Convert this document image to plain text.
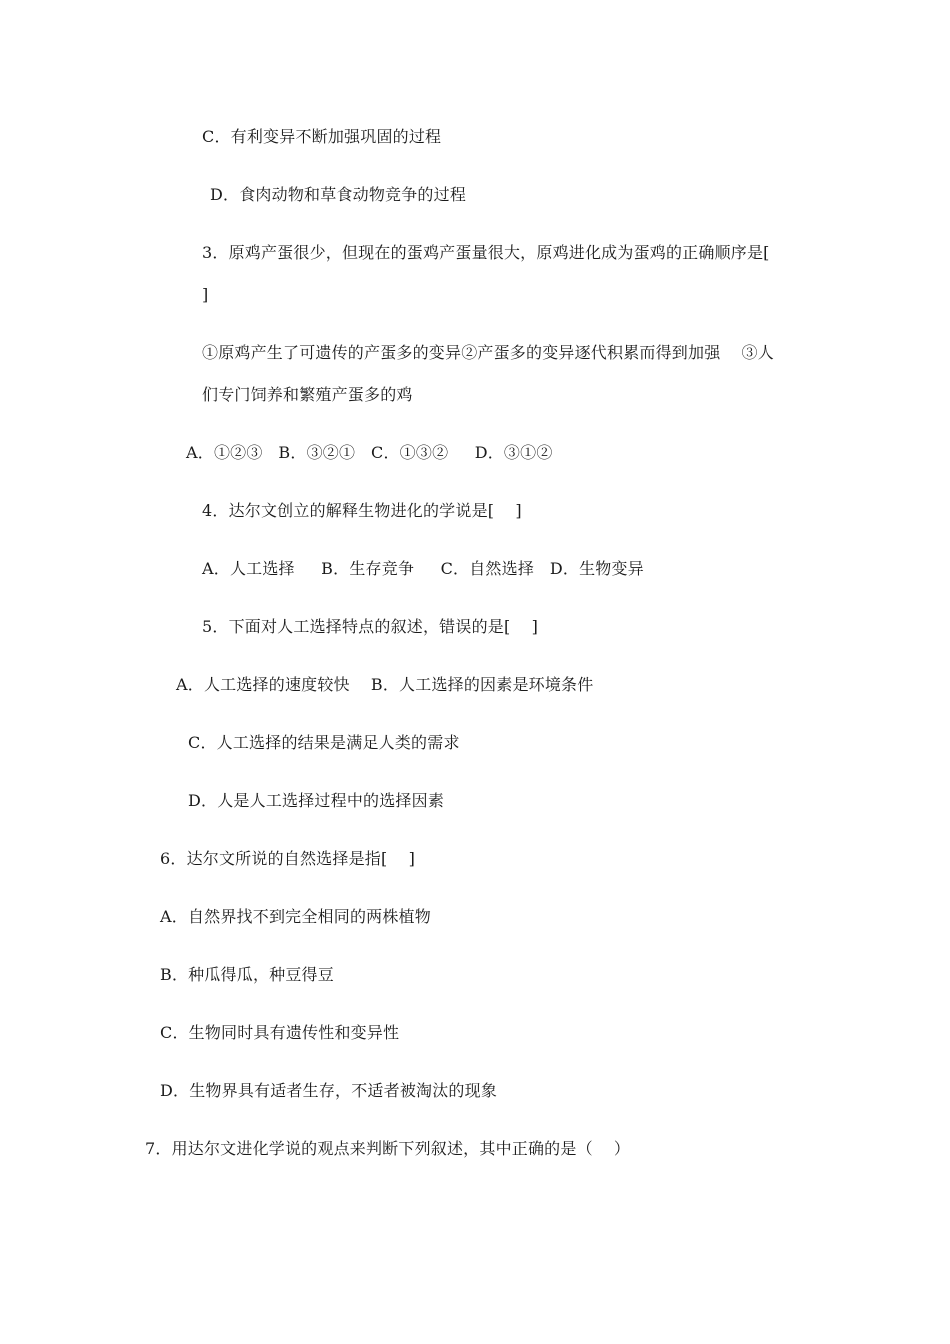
C．有利变异不断加强巩固的过程
D．食肉动物和草食动物竞争的过程
3．原鸡产蛋很少，但现在的蛋鸡产蛋量很大，原鸡进化成为蛋鸡的正确顺序是[
]
①原鸡产生了可遗传的产蛋多的变异②产蛋多的变异逐代积累而得到加强    ③人
们专门饲养和繁殖产蛋多的鸡
A．①②③   B．③②①   C．①③②     D．③①②
4．达尔文创立的解释生物进化的学说是[    ]
A．人工选择     B．生存竞争     C．自然选择   D．生物变异
5．下面对人工选择特点的叙述，错误的是[    ]
A．人工选择的速度较快    B．人工选择的因素是环境条件
C．人工选择的结果是满足人类的需求
D．人是人工选择过程中的选择因素
6．达尔文所说的自然选择是指[    ]
A．自然界找不到完全相同的两株植物
B．种瓜得瓜，种豆得豆
C．生物同时具有遗传性和变异性
D．生物界具有适者生存，不适者被淘汰的现象
7．用达尔文进化学说的观点来判断下列叙述，其中正确的是（    ）
